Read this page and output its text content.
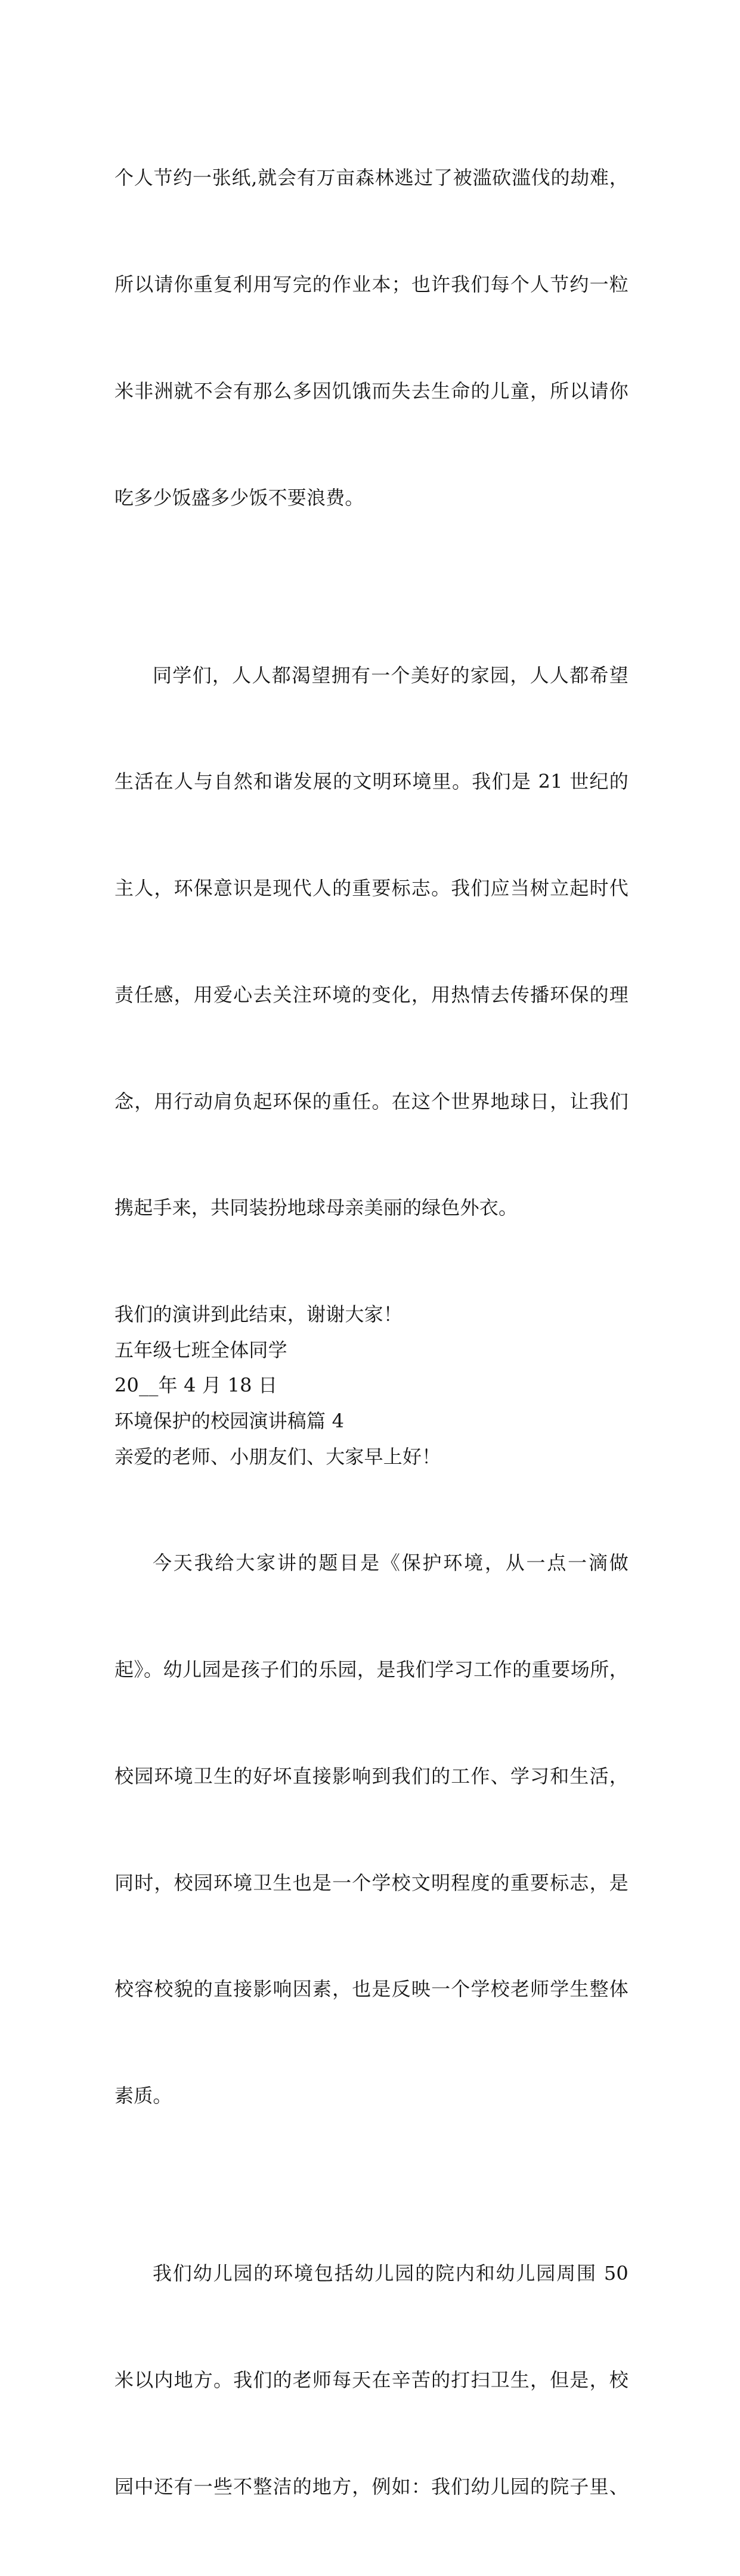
个人节约一张纸,就会有万亩森林逃过了被滥砍滥伐的劫难，

所以请你重复利用写完的作业本；也许我们每个人节约一粒

米非洲就不会有那么多因饥饿而失去生命的儿童，所以请你

吃多少饭盛多少饭不要浪费。

同学们，人人都渴望拥有一个美好的家园，人人都希望

生活在人与自然和谐发展的文明环境里。我们是 21 世纪的

主人，环保意识是现代人的重要标志。我们应当树立起时代

责任感，用爱心去关注环境的变化，用热情去传播环保的理

念，用行动肩负起环保的重任。在这个世界地球日，让我们

携起手来，共同装扮地球母亲美丽的绿色外衣。

我们的演讲到此结束，谢谢大家！

五年级七班全体同学

20__年 4 月 18 日

环境保护的校园演讲稿篇 4

亲爱的老师、小朋友们、大家早上好！

今天我给大家讲的题目是《保护环境，从一点一滴做

起》。幼儿园是孩子们的乐园，是我们学习工作的重要场所，

校园环境卫生的好坏直接影响到我们的工作、学习和生活，

同时，校园环境卫生也是一个学校文明程度的重要标志，是

校容校貌的直接影响因素，也是反映一个学校老师学生整体

素质。

我们幼儿园的环境包括幼儿园的院内和幼儿园周围 50

米以内地方。我们的老师每天在辛苦的打扫卫生，但是，校

园中还有一些不整洁的地方，例如：我们幼儿园的院子里、
